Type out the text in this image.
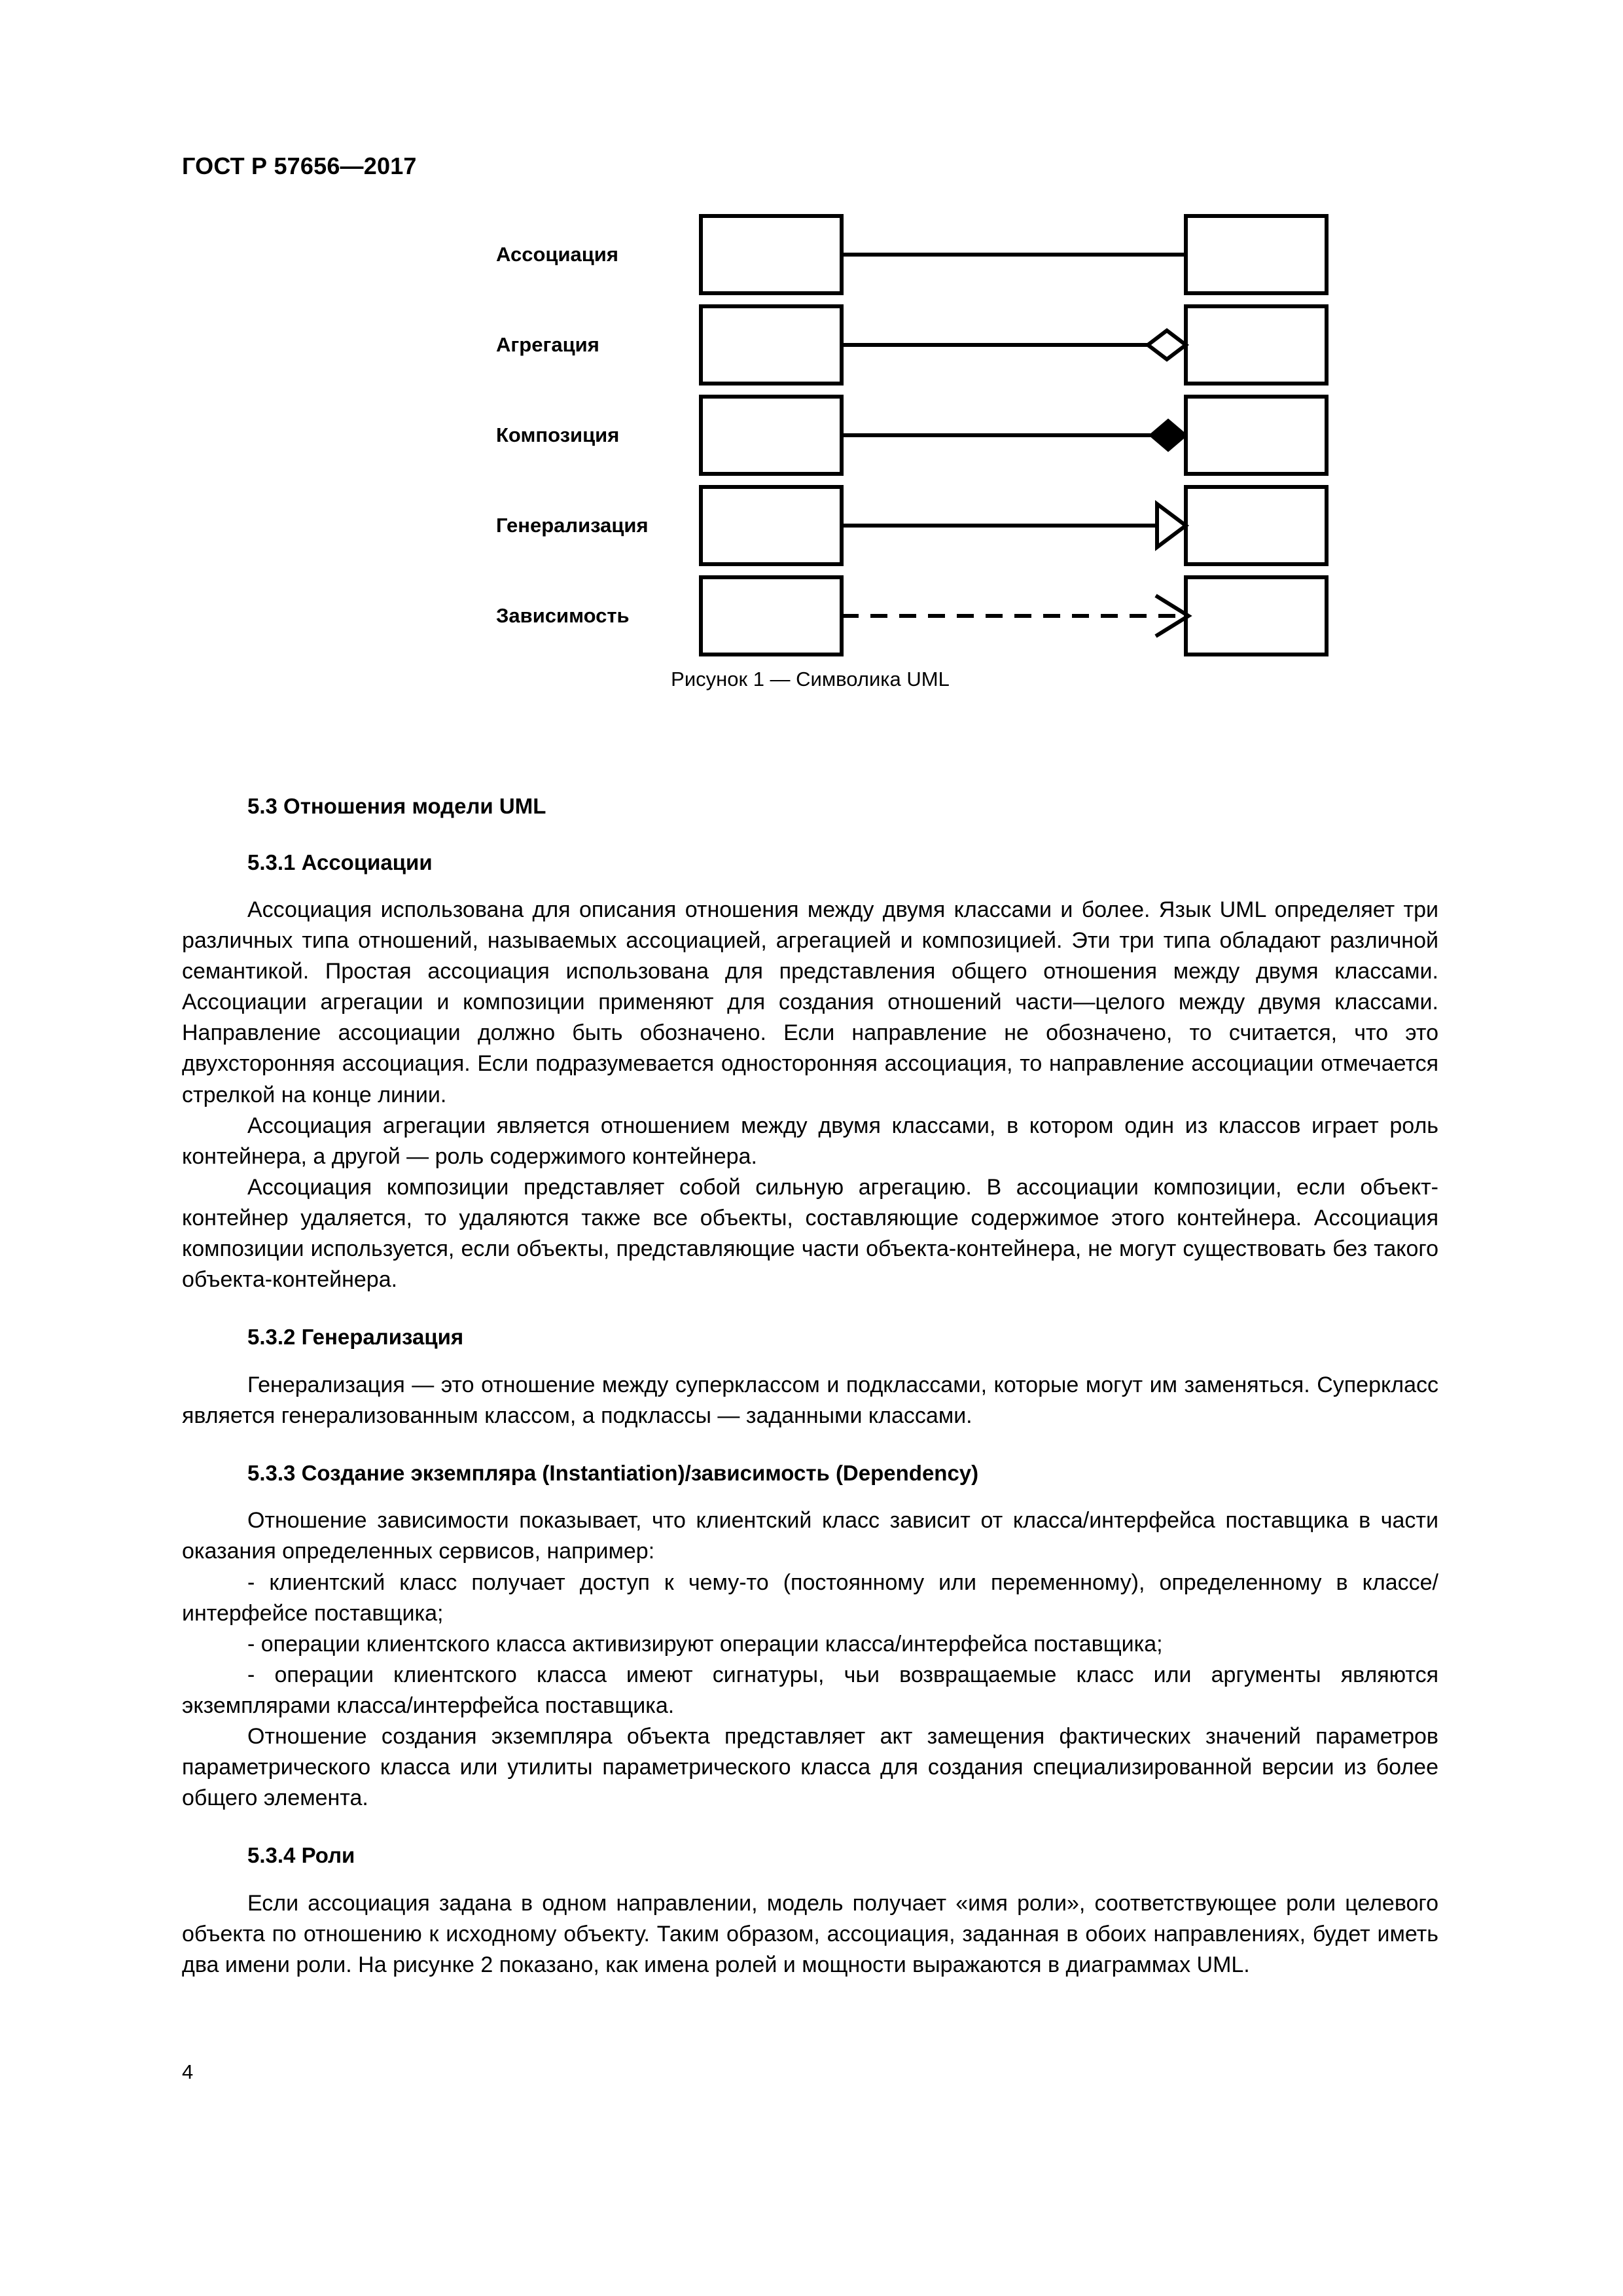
ГОСТ Р 57656—2017
Ассоциация
Агрегация
Композиция
Генерализация
Зависимость
Рисунок 1 — Символика UML
5.3 Отношения модели UML
5.3.1 Ассоциации

Ассоциация использована для описания отношения между двумя классами и более. Язык UML определяет три различных типа отношений, называемых ассоциацией, агрегацией и композицией. Эти три типа обладают различной семантикой. Простая ассоциация использована для представления общего отношения между двумя классами. Ассоциации агрегации и композиции применяют для создания отношений части—целого между двумя классами. Направление ассоциации должно быть обозначено. Если направление не обозначено, то считается, что это двухсторонняя ассоциация. Если подразумевается односторонняя ассоциация, то направление ассоциации отмечается стрелкой на конце линии.

Ассоциация агрегации является отношением между двумя классами, в котором один из классов играет роль контейнера, а другой — роль содержимого контейнера.

Ассоциация композиции представляет собой сильную агрегацию. В ассоциации композиции, если объект-контейнер удаляется, то удаляются также все объекты, составляющие содержимое этого контейнера. Ассоциация композиции используется, если объекты, представляющие части объекта-контейнера, не могут существовать без такого объекта-контейнера.

5.3.2 Генерализация

Генерализация — это отношение между суперклассом и подклассами, которые могут им заменяться. Суперкласс является генерализованным классом, а подклассы — заданными классами.

5.3.3 Создание экземпляра (Instantiation)/зависимость (Dependency)

Отношение зависимости показывает, что клиентский класс зависит от класса/интерфейса поставщика в части оказания определенных сервисов, например:

- клиентский класс получает доступ к чему-то (постоянному или переменному), определенному в классе/интерфейсе поставщика;

- операции клиентского класса активизируют операции класса/интерфейса поставщика;

- операции клиентского класса имеют сигнатуры, чьи возвращаемые класс или аргументы являются экземплярами класса/интерфейса поставщика.

Отношение создания экземпляра объекта представляет акт замещения фактических значений параметров параметрического класса или утилиты параметрического класса для создания специализированной версии из более общего элемента.

5.3.4 Роли

Если ассоциация задана в одном направлении, модель получает «имя роли», соответствующее роли целевого объекта по отношению к исходному объекту. Таким образом, ассоциация, заданная в обоих направлениях, будет иметь два имени роли. На рисунке 2 показано, как имена ролей и мощности выражаются в диаграммах UML.

4
